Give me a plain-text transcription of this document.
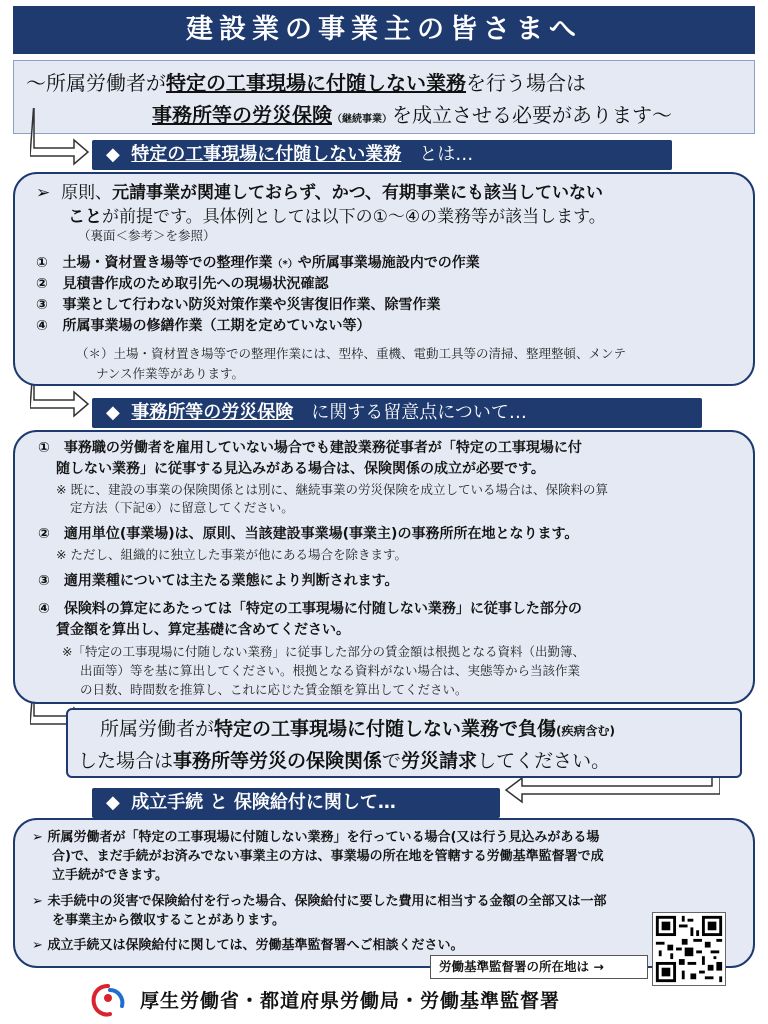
建設業の事業主の皆さまへ
～所属労働者が特定の工事現場に付随しない業務を行う場合は
事務所等の労災保険（継続事業）を成立させる必要があります～
◆ 特定の工事現場に付随しない業務　とは…
➢ 原則、元請事業が関連しておらず、かつ、有期事業にも該当していない
ことが前提です。具体例としては以下の①～④の業務等が該当します。
（裏面＜参考＞を参照）
① 土場・資材置き場等での整理作業（*）や所属事業場施設内での作業
② 見積書作成のため取引先への現場状況確認
③ 事業として行わない防災対策作業や災害復旧作業、除雪作業
④ 所属事業場の修繕作業（工期を定めていない等）
（＊）土場・資材置き場等での整理作業には、型枠、重機、電動工具等の清掃、整理整頓、メンテ
ナンス作業等があります。
◆ 事務所等の労災保険　に関する留意点について…
①　事務職の労働者を雇用していない場合でも建設業務従事者が「特定の工事現場に付
随しない業務」に従事する見込みがある場合は、保険関係の成立が必要です。
※ 既に、建設の事業の保険関係とは別に、継続事業の労災保険を成立している場合は、保険料の算
定方法（下記④）に留意してください。
②　適用単位(事業場)は、原則、当該建設事業場(事業主)の事務所所在地となります。
※ ただし、組織的に独立した事業が他にある場合を除きます。
③　適用業種については主たる業態により判断されます。
④　保険料の算定にあたっては「特定の工事現場に付随しない業務」に従事した部分の
賃金額を算出し、算定基礎に含めてください。
※「特定の工事現場に付随しない業務」に従事した部分の賃金額は根拠となる資料（出勤簿、
出面等）等を基に算出してください。根拠となる資料がない場合は、実態等から当該作業
の日数、時間数を推算し、これに応じた賃金額を算出してください。
所属労働者が特定の工事現場に付随しない業務で負傷(疾病含む)
した場合は事務所等労災の保険関係で労災請求してください。
◆ 成立手続 と 保険給付に関して…
➢ 所属労働者が「特定の工事現場に付随しない業務」を行っている場合(又は行う見込みがある場
合)で、まだ手続がお済みでない事業主の方は、事業場の所在地を管轄する労働基準監督署で成
立手続ができます。
➢ 未手続中の災害で保険給付を行った場合、保険給付に要した費用に相当する金額の全部又は一部
を事業主から徴収することがあります。
➢ 成立手続又は保険給付に関しては、労働基準監督署へご相談ください。
労働基準監督署の所在地は →
厚生労働省・都道府県労働局・労働基準監督署
